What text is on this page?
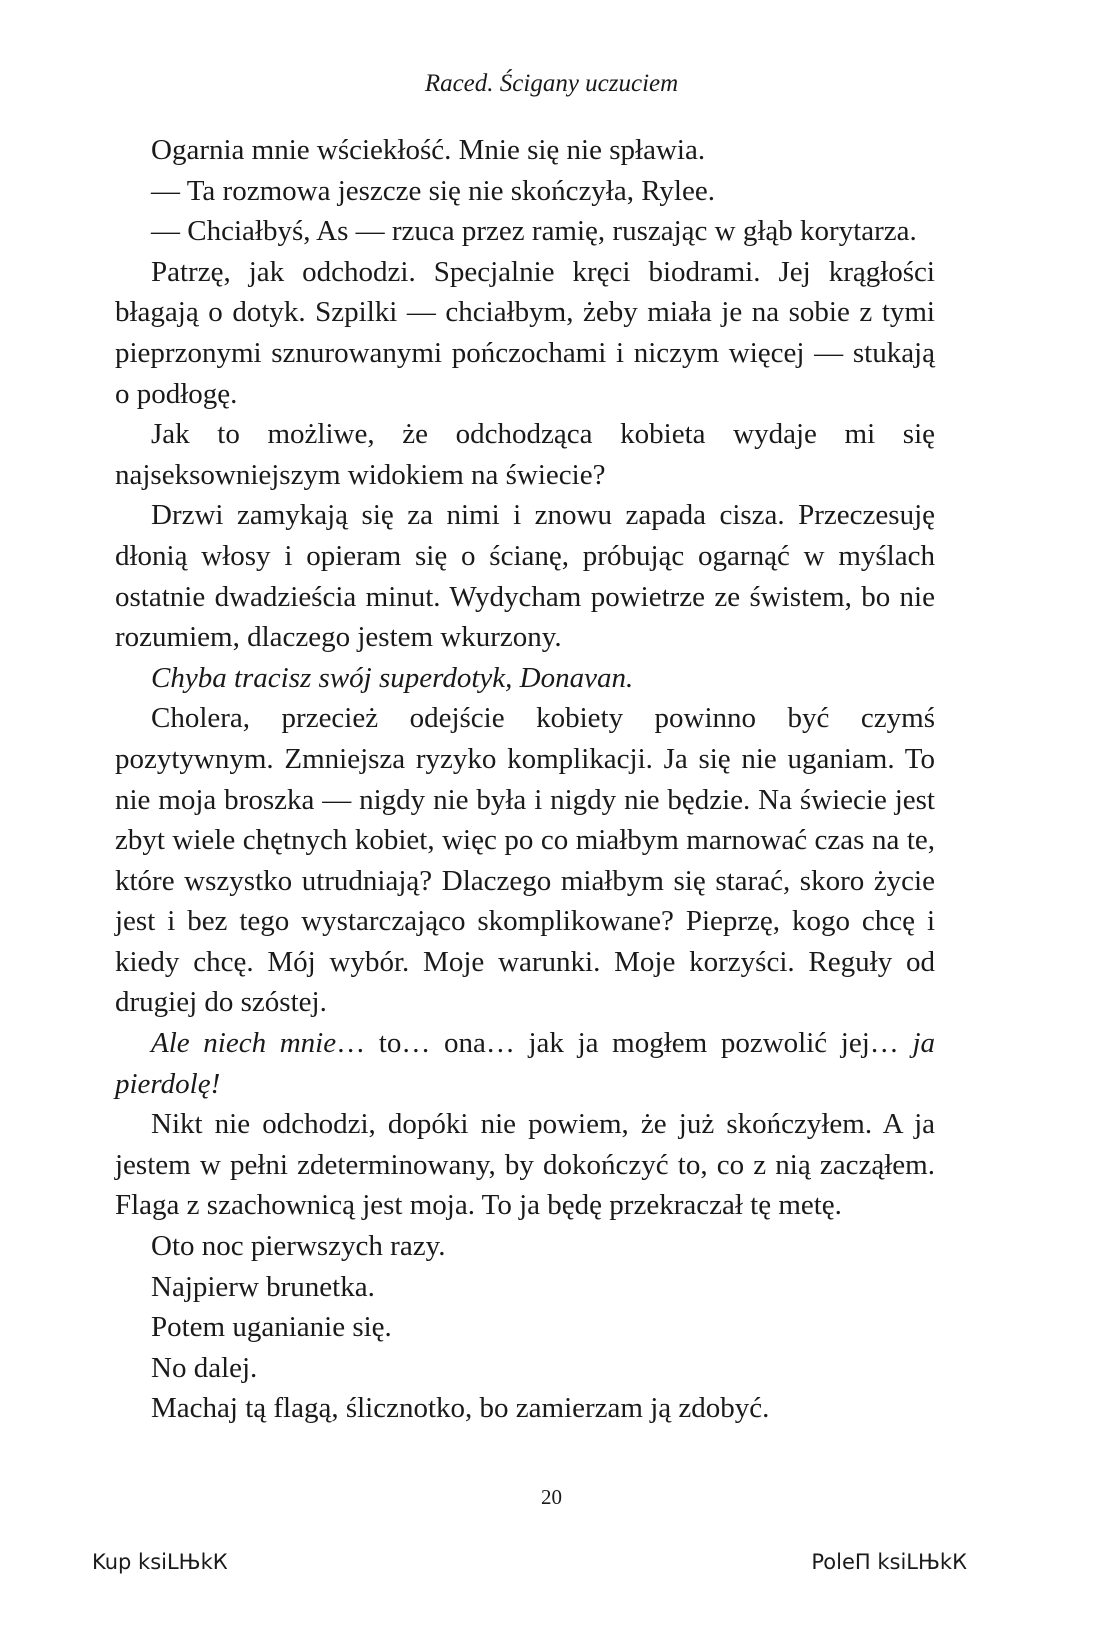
Raced. Ścigany uczuciem

Ogarnia mnie wściekłość. Mnie się nie spławia.

— Ta rozmowa jeszcze się nie skończyła, Rylee.

— Chciałbyś, As — rzuca przez ramię, ruszając w głąb korytarza.

Patrzę, jak odchodzi. Specjalnie kręci biodrami. Jej krągłości błagają o dotyk. Szpilki — chciałbym, żeby miała je na sobie z tymi pieprzonymi sznurowanymi pończochami i niczym więcej — stukają o podłogę.

Jak to możliwe, że odchodząca kobieta wydaje mi się najseksowniejszym widokiem na świecie?

Drzwi zamykają się za nimi i znowu zapada cisza. Przeczesuję dłonią włosy i opieram się o ścianę, próbując ogarnąć w myślach ostatnie dwadzieścia minut. Wydycham powietrze ze świstem, bo nie rozumiem, dlaczego jestem wkurzony.

Chyba tracisz swój superdotyk, Donavan.

Cholera, przecież odejście kobiety powinno być czymś pozytywnym. Zmniejsza ryzyko komplikacji. Ja się nie uganiam. To nie moja broszka — nigdy nie była i nigdy nie będzie. Na świecie jest zbyt wiele chętnych kobiet, więc po co miałbym marnować czas na te, które wszystko utrudniają? Dlaczego miałbym się starać, skoro życie jest i bez tego wystarczająco skomplikowane? Pieprzę, kogo chcę i kiedy chcę. Mój wybór. Moje warunki. Moje korzyści. Reguły od drugiej do szóstej.

Ale niech mnie… to… ona… jak ja mogłem pozwolić jej… ja pierdolę!

Nikt nie odchodzi, dopóki nie powiem, że już skończyłem. A ja jestem w pełni zdeterminowany, by dokończyć to, co z nią zacząłem. Flaga z szachownicą jest moja. To ja będę przekraczał tę metę.

Oto noc pierwszych razy.

Najpierw brunetka.

Potem uganianie się.

No dalej.

Machaj tą flagą, ślicznotko, bo zamierzam ją zdobyć.

20
Kup ksiLЊkК	PoleП ksiLЊkК
